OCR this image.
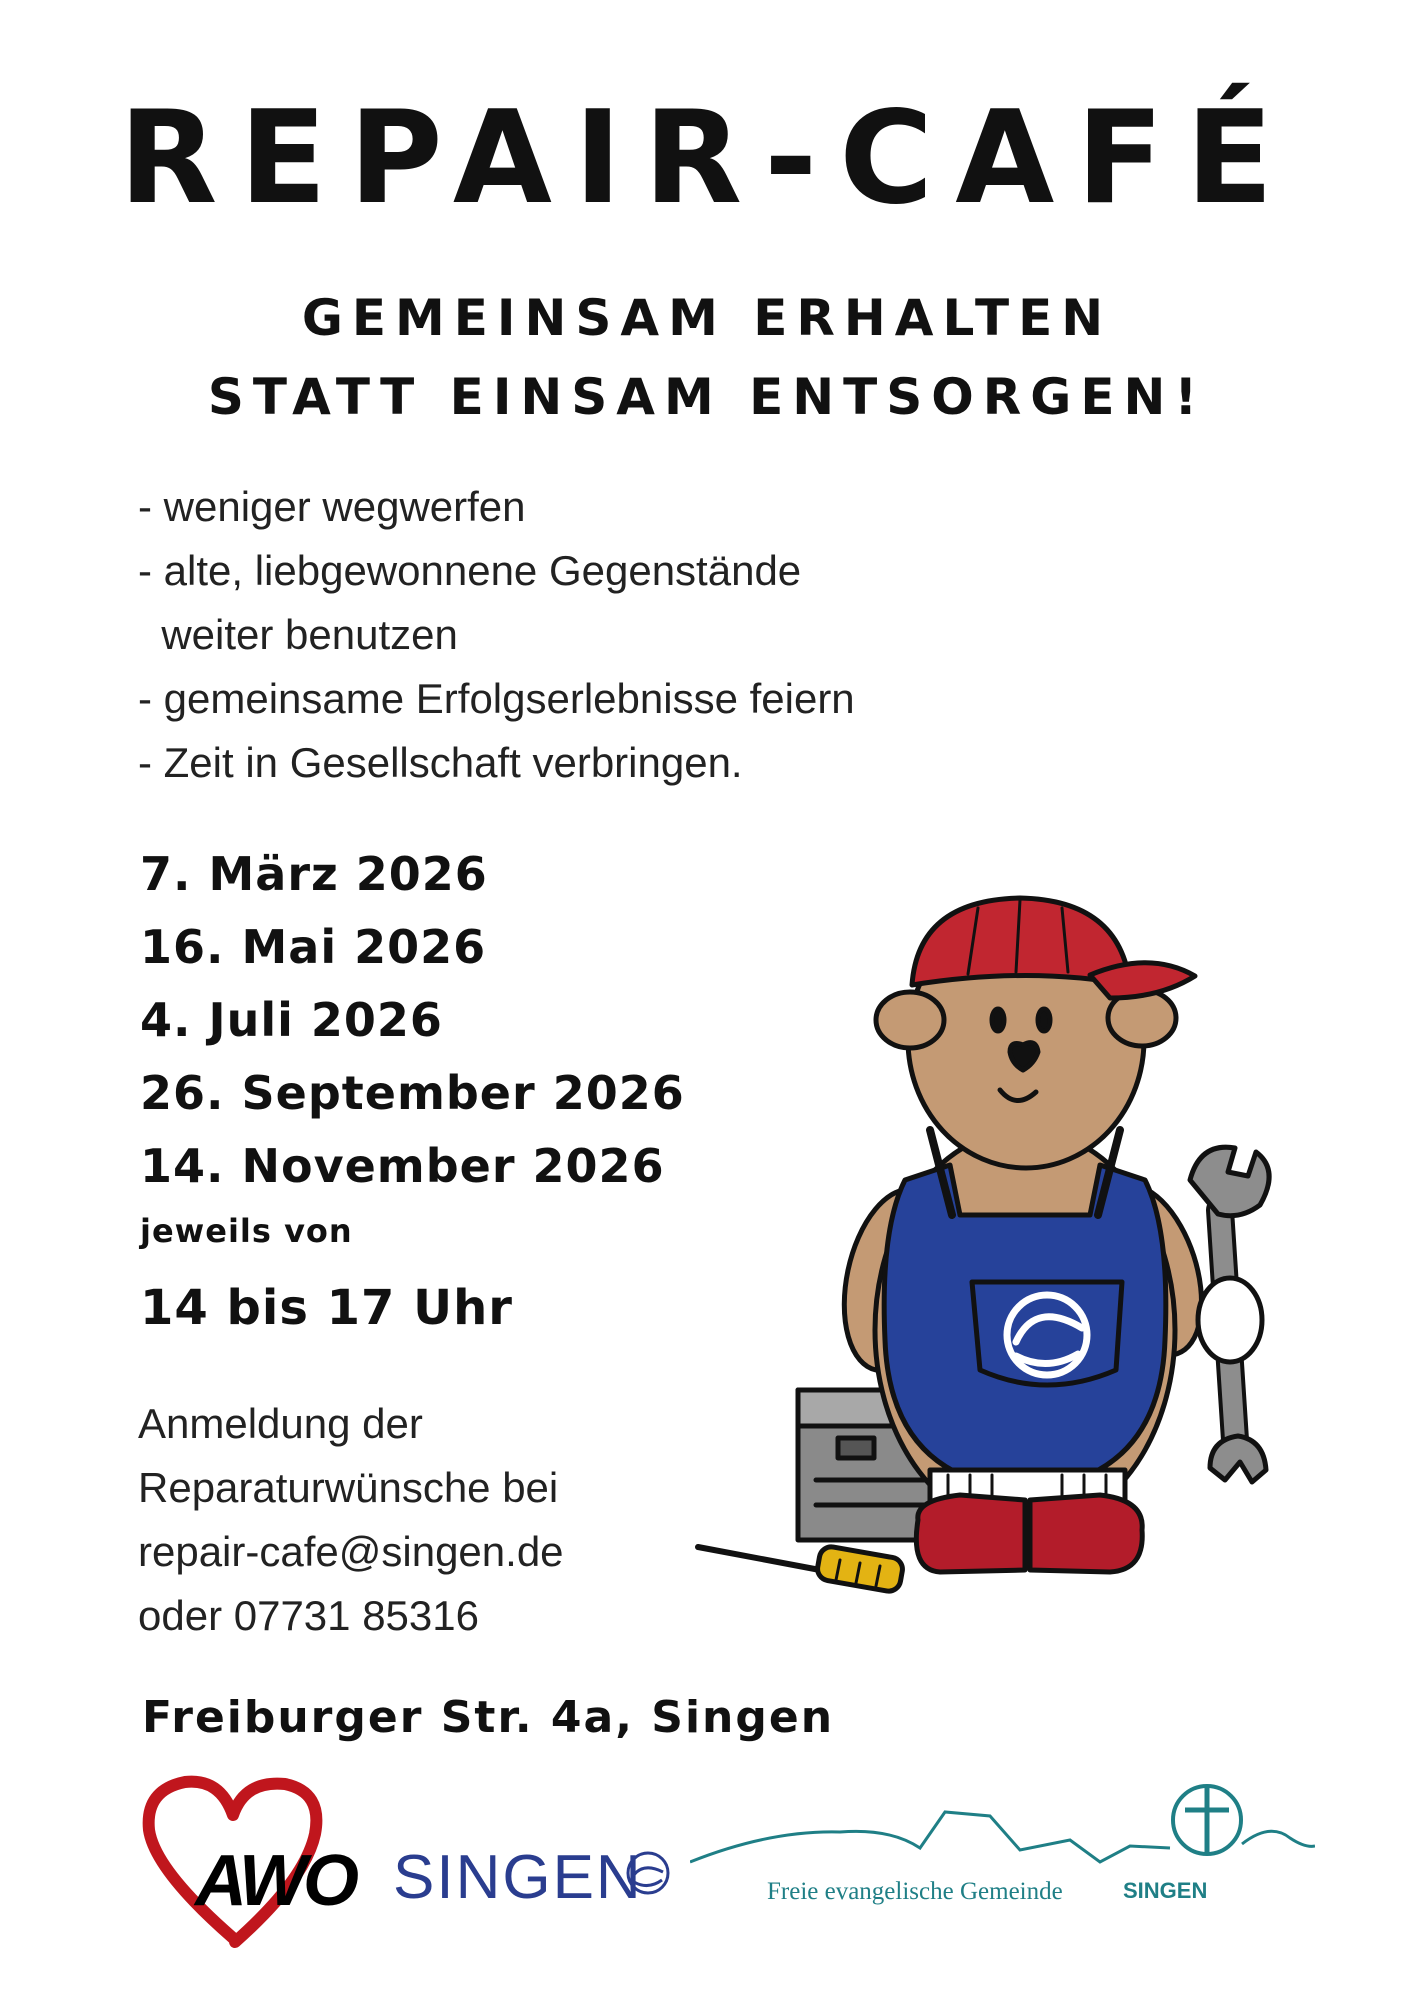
REPAIR-CAFÉ
GEMEINSAM ERHALTEN
STATT EINSAM ENTSORGEN!
- weniger wegwerfen
- alte, liebgewonnene Gegenstände
weiter benutzen
- gemeinsame Erfolgserlebnisse feiern
- Zeit in Gesellschaft verbringen.
7. März 2026
16. Mai 2026
4. Juli 2026
26. September 2026
14. November 2026
jeweils von
14 bis 17 Uhr
Anmeldung der
Reparaturwünsche bei
repair-cafe@singen.de
oder 07731 85316
Freiburger Str. 4a, Singen
AWO SINGEN	Freie evangelische Gemeinde	SINGEN
